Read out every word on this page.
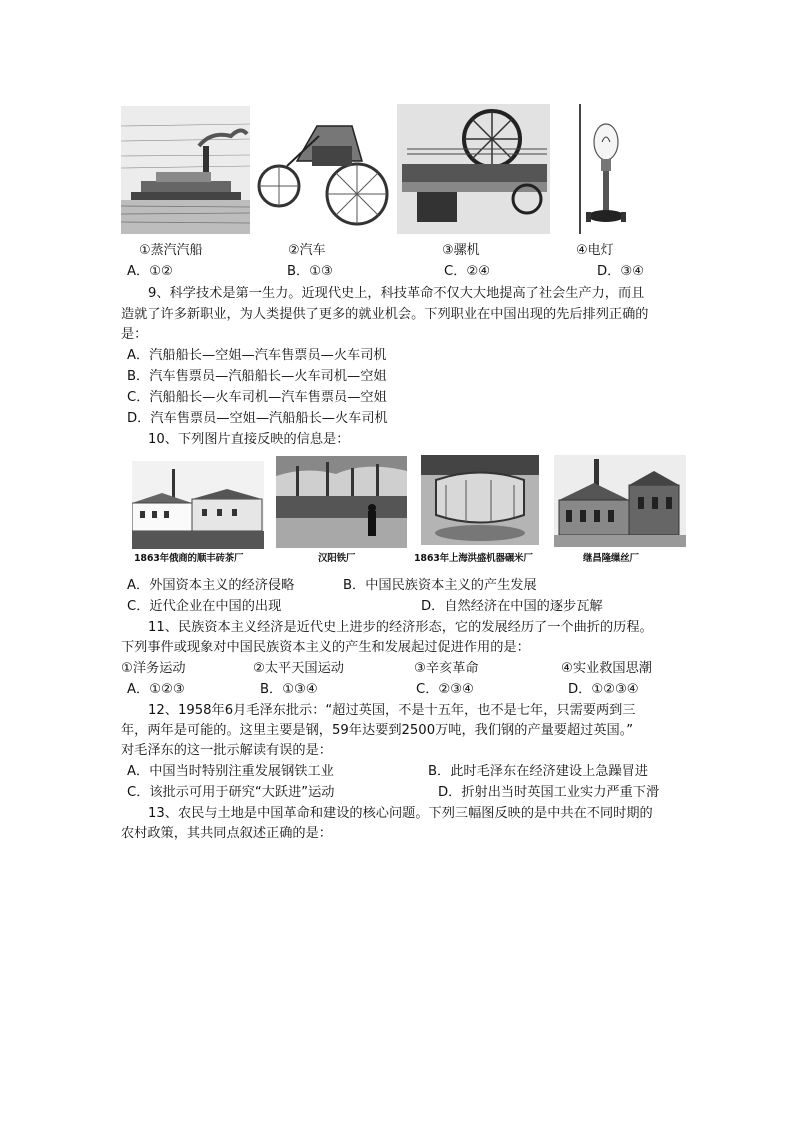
①蒸汽汽船	②汽车	③骡机	④电灯
A．①②	B．①③	C．②④	D．③④
9、科学技术是第一生力。近现代史上，科技革命不仅大大地提高了社会生产力，而且
造就了许多新职业，为人类提供了更多的就业机会。下列职业在中国出现的先后排列正确的
是：
A．汽船船长—空姐—汽车售票员—火车司机
B．汽车售票员—汽船船长—火车司机—空姐
C．汽船船长—火车司机—汽车售票员—空姐
D．汽车售票员—空姐—汽船船长—火车司机
10、下列图片直接反映的信息是：
1863年俄商的顺丰砖茶厂	汉阳铁厂	1863年上海洪盛机器碾米厂	继昌隆缫丝厂
A．外国资本主义的经济侵略	B．中国民族资本主义的产生发展
C．近代企业在中国的出现	D．自然经济在中国的逐步瓦解
11、民族资本主义经济是近代史上进步的经济形态，它的发展经历了一个曲折的历程。
下列事件或现象对中国民族资本主义的产生和发展起过促进作用的是：
①洋务运动	②太平天国运动	③辛亥革命	④实业救国思潮
A．①②③	B．①③④	C．②③④	D．①②③④
12、1958年6月毛泽东批示：“超过英国，不是十五年，也不是七年，只需要两到三
年，两年是可能的。这里主要是钢，59年达要到2500万吨，我们钢的产量要超过英国。”
对毛泽东的这一批示解读有误的是：
A．中国当时特别注重发展钢铁工业	B．此时毛泽东在经济建设上急躁冒进
C．该批示可用于研究“大跃进”运动	D．折射出当时英国工业实力严重下滑
13、农民与土地是中国革命和建设的核心问题。下列三幅图反映的是中共在不同时期的
农村政策，其共同点叙述正确的是：
